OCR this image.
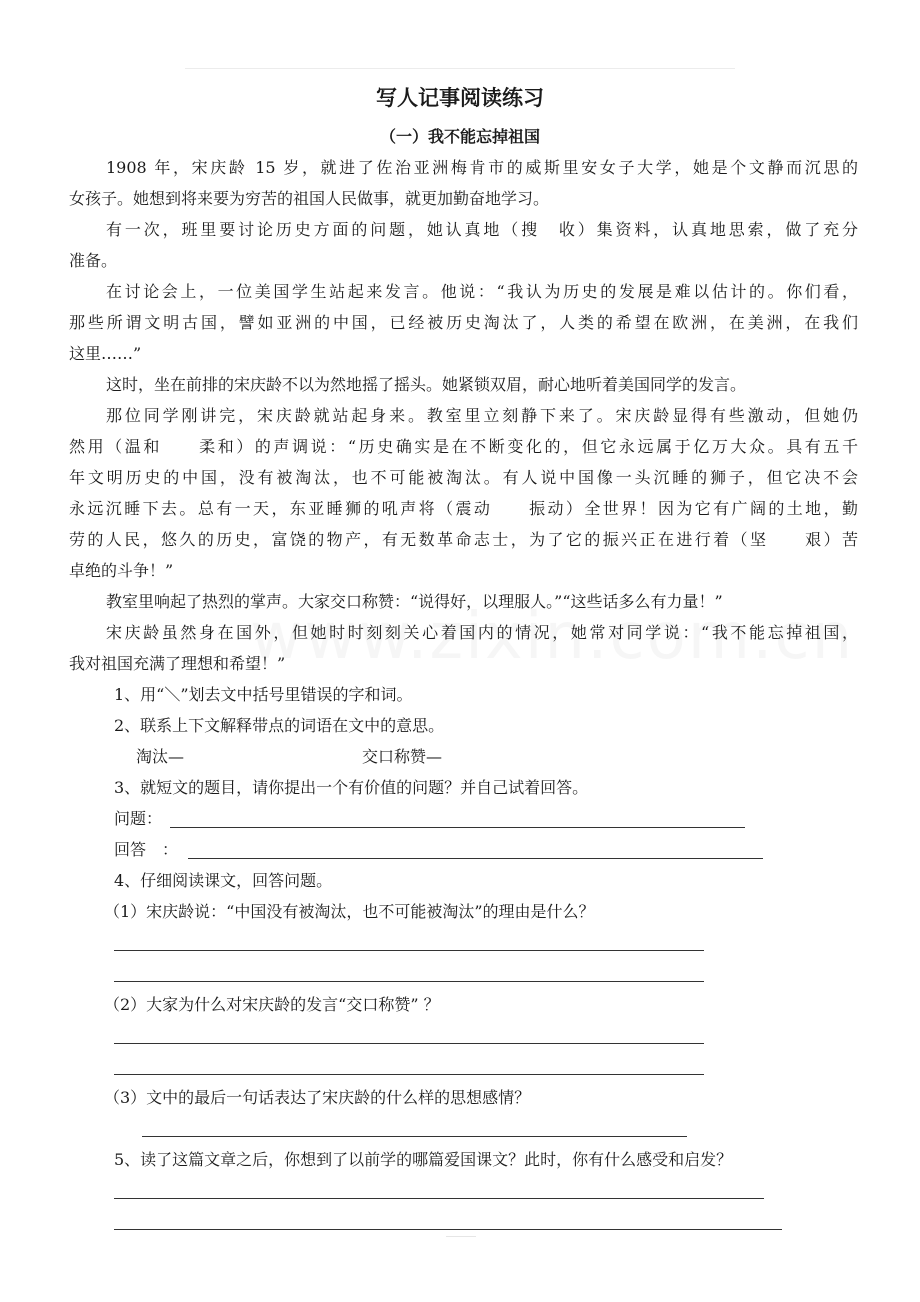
写人记事阅读练习
（一）我不能忘掉祖国
1908 年，宋庆龄 15 岁，就进了佐治亚洲梅肯市的威斯里安女子大学，她是个文静而沉思的
女孩子。她想到将来要为穷苦的祖国人民做事，就更加勤奋地学习。
有一次，班里要讨论历史方面的问题，她认真地（搜　收）集资料，认真地思索，做了充分
准备。
在讨论会上，一位美国学生站起来发言。他说：“我认为历史的发展是难以估计的。你们看，
那些所谓文明古国，譬如亚洲的中国，已经被历史淘汰了，人类的希望在欧洲，在美洲，在我们
这里……”
这时，坐在前排的宋庆龄不以为然地摇了摇头。她紧锁双眉，耐心地听着美国同学的发言。
那位同学刚讲完，宋庆龄就站起身来。教室里立刻静下来了。宋庆龄显得有些激动，但她仍
然用（温和　　柔和）的声调说：“历史确实是在不断变化的，但它永远属于亿万大众。具有五千
年文明历史的中国，没有被淘汰，也不可能被淘汰。有人说中国像一头沉睡的狮子，但它决不会
永远沉睡下去。总有一天，东亚睡狮的吼声将（震动　　振动）全世界！因为它有广阔的土地，勤
劳的人民，悠久的历史，富饶的物产，有无数革命志士，为了它的振兴正在进行着（坚　　艰）苦
卓绝的斗争！”
教室里响起了热烈的掌声。大家交口称赞：“说得好，以理服人。”“这些话多么有力量！”
宋庆龄虽然身在国外，但她时时刻刻关心着国内的情况，她常对同学说：“我不能忘掉祖国，
我对祖国充满了理想和希望！”
1、用“＼”划去文中括号里错误的字和词。
2、联系上下文解释带点的词语在文中的意思。
淘汰—	交口称赞—
3、就短文的题目，请你提出一个有价值的问题？并自己试着回答。
问题：
回答　：
4、仔细阅读课文，回答问题。
（1）宋庆龄说：“中国没有被淘汰，也不可能被淘汰”的理由是什么？
（2）大家为什么对宋庆龄的发言“交口称赞” ？
（3）文中的最后一句话表达了宋庆龄的什么样的思想感情？
5、读了这篇文章之后，你想到了以前学的哪篇爱国课文？此时，你有什么感受和启发？
